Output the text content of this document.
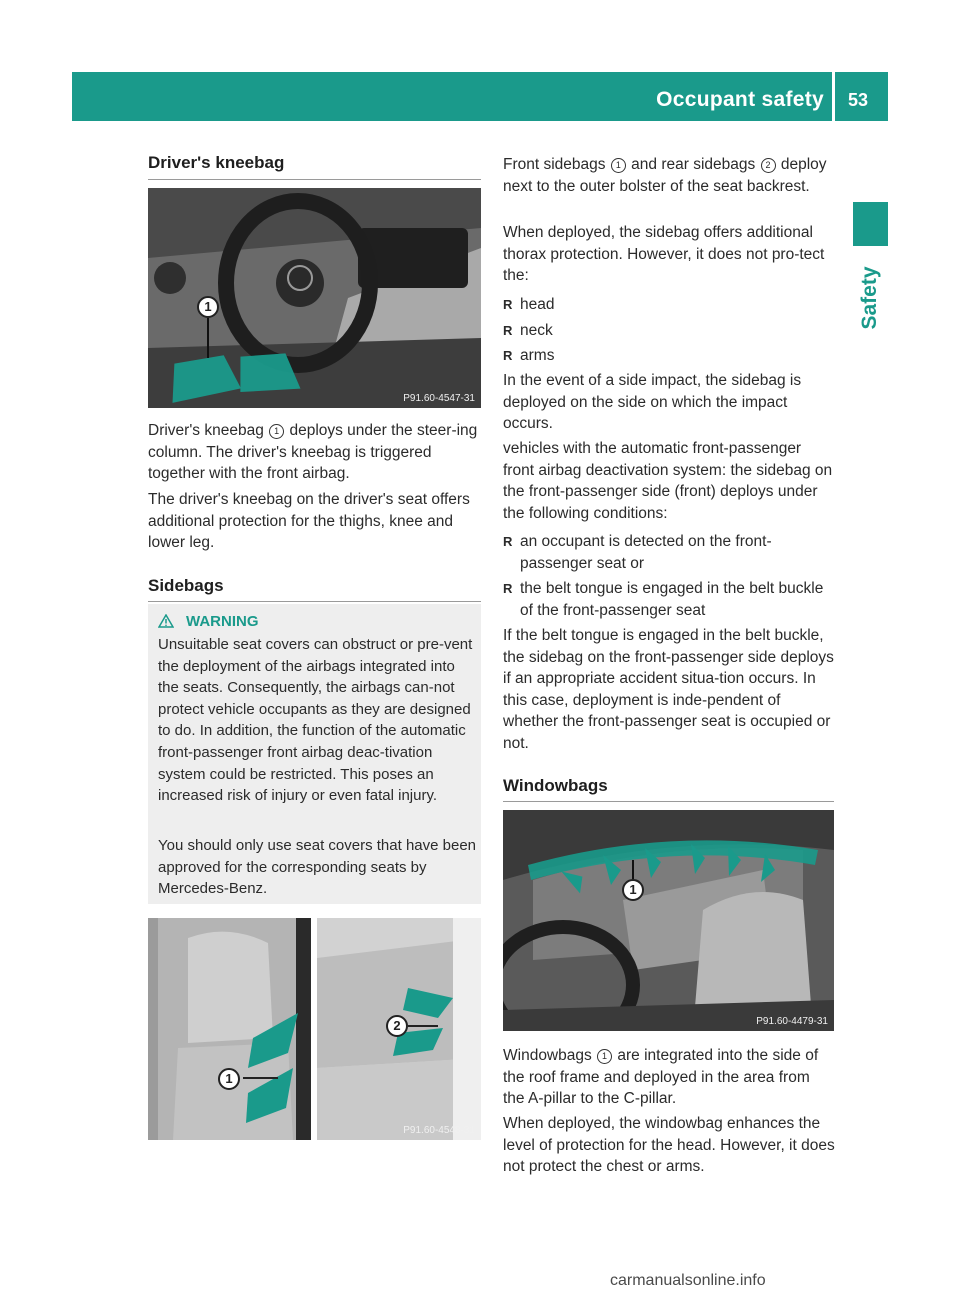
Occupant safety	53
Safety
Driver's kneebag
1
P91.60-4547-31

Driver's kneebag 1 deploys under the steer-ing column. The driver's kneebag is triggered together with the front airbag.

The driver's kneebag on the driver's seat offers additional protection for the thighs, knee and lower leg.

Sidebags
WARNING

Unsuitable seat covers can obstruct or pre-vent the deployment of the airbags integrated into the seats. Consequently, the airbags can-not protect vehicle occupants as they are designed to do. In addition, the function of the automatic front-passenger front airbag deac-tivation system could be restricted. This poses an increased risk of injury or even fatal injury.

You should only use seat covers that have been approved for the corresponding seats by Mercedes-Benz.

1
2
P91.60-4548-31

Front sidebags 1 and rear sidebags 2 deploy next to the outer bolster of the seat backrest.

When deployed, the sidebag offers additional thorax protection. However, it does not pro-tect the:

R head
R neck
R arms

In the event of a side impact, the sidebag is deployed on the side on which the impact occurs.

vehicles with the automatic front-passenger front airbag deactivation system: the sidebag on the front-passenger side (front) deploys under the following conditions:

R an occupant is detected on the front-passenger seat or
R the belt tongue is engaged in the belt buckle of the front-passenger seat

If the belt tongue is engaged in the belt buckle, the sidebag on the front-passenger side deploys if an appropriate accident situa-tion occurs. In this case, deployment is inde-pendent of whether the front-passenger seat is occupied or not.

Windowbags
1
P91.60-4479-31

Windowbags 1 are integrated into the side of the roof frame and deployed in the area from the A-pillar to the C-pillar.

When deployed, the windowbag enhances the level of protection for the head. However, it does not protect the chest or arms.

carmanualsonline.info
